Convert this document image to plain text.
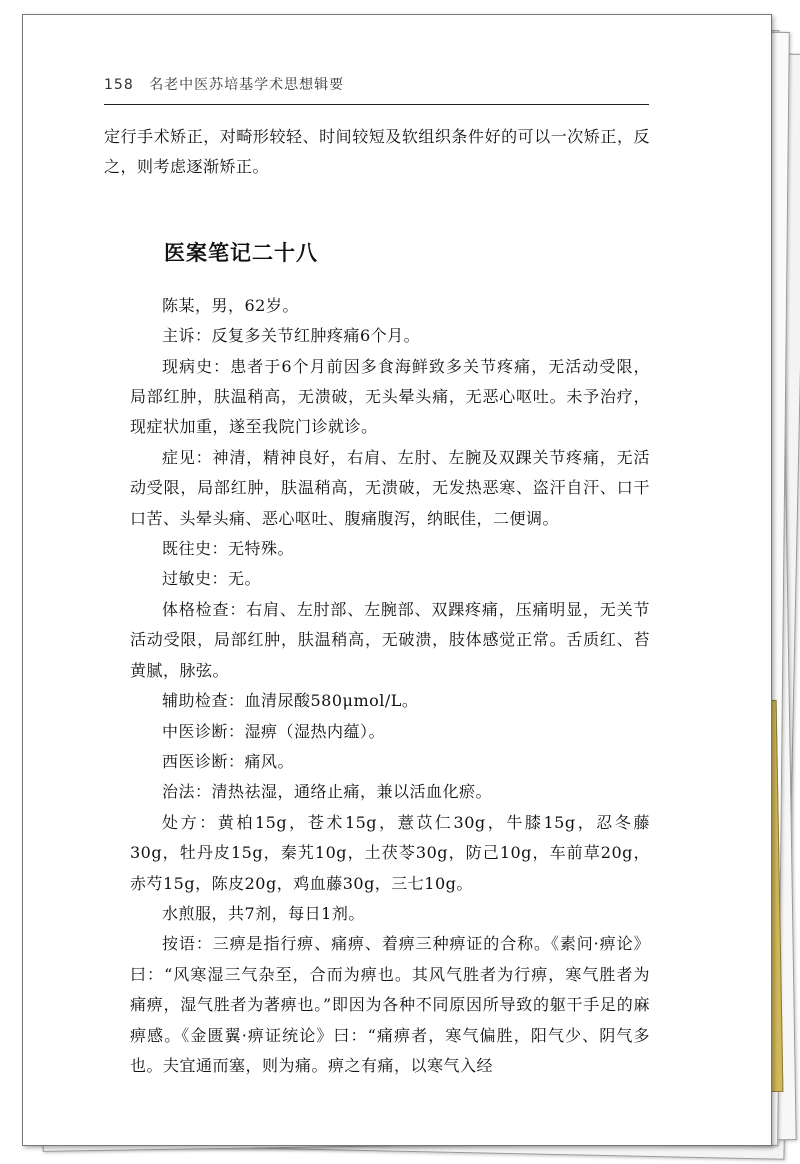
158 名老中医苏培基学术思想辑要

定行手术矫正，对畸形较轻、时间较短及软组织条件好的可以一次矫正，反之，则考虑逐渐矫正。

医案笔记二十八

陈某，男，62岁。

主诉：反复多关节红肿疼痛6个月。

现病史：患者于6个月前因多食海鲜致多关节疼痛，无活动受限，局部红肿，肤温稍高，无溃破，无头晕头痛，无恶心呕吐。未予治疗，现症状加重，遂至我院门诊就诊。

症见：神清，精神良好，右肩、左肘、左腕及双踝关节疼痛，无活动受限，局部红肿，肤温稍高，无溃破，无发热恶寒、盗汗自汗、口干口苦、头晕头痛、恶心呕吐、腹痛腹泻，纳眠佳，二便调。

既往史：无特殊。

过敏史：无。

体格检查：右肩、左肘部、左腕部、双踝疼痛，压痛明显，无关节活动受限，局部红肿，肤温稍高，无破溃，肢体感觉正常。舌质红、苔黄腻，脉弦。

辅助检查：血清尿酸580μmol/L。

中医诊断：湿痹（湿热内蕴）。

西医诊断：痛风。

治法：清热祛湿，通络止痛，兼以活血化瘀。

处方：黄柏15g，苍术15g，薏苡仁30g，牛膝15g，忍冬藤30g，牡丹皮15g，秦艽10g，土茯苓30g，防己10g，车前草20g，赤芍15g，陈皮20g，鸡血藤30g，三七10g。

水煎服，共7剂，每日1剂。

按语：三痹是指行痹、痛痹、着痹三种痹证的合称。《素问·痹论》曰：“风寒湿三气杂至，合而为痹也。其风气胜者为行痹，寒气胜者为痛痹，湿气胜者为著痹也。”即因为各种不同原因所导致的躯干手足的麻痹感。《金匮翼·痹证统论》曰：“痛痹者，寒气偏胜，阳气少、阴气多也。夫宜通而塞，则为痛。痹之有痛，以寒气入经
